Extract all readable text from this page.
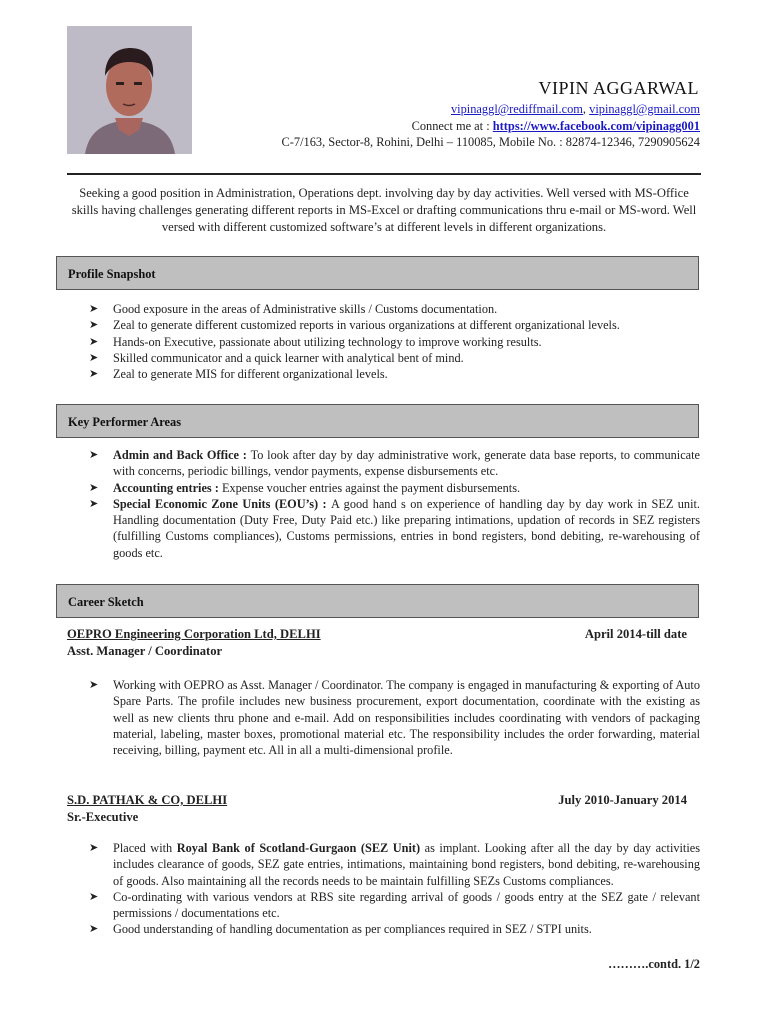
VIPIN AGGARWAL
vipinaggl@rediffmail.com, vipinaggl@gmail.com
Connect me at : https://www.facebook.com/vipinagg001
C-7/163, Sector-8, Rohini, Delhi – 110085, Mobile No. : 82874-12346, 7290905624
Seeking a good position in Administration, Operations dept. involving day by day activities. Well versed with MS-Office skills having challenges generating different reports in MS-Excel or drafting communications thru e-mail or MS-word. Well versed with different customized software’s at different levels in different organizations.
Profile Snapshot
➤ Good exposure in the areas of Administrative skills / Customs documentation.
➤ Zeal to generate different customized reports in various organizations at different organizational levels.
➤ Hands-on Executive, passionate about utilizing technology to improve working results.
➤ Skilled communicator and a quick learner with analytical bent of mind.
➤ Zeal to generate MIS for different organizational levels.
Key Performer Areas
➤ Admin and Back Office : To look after day by day administrative work, generate data base reports, to communicate with concerns, periodic billings, vendor payments, expense disbursements etc.
➤ Accounting entries : Expense voucher entries against the payment disbursements.
➤ Special Economic Zone Units (EOU’s) : A good hand s on experience of handling day by day work in SEZ unit. Handling documentation (Duty Free, Duty Paid etc.) like preparing intimations, updation of records in SEZ registers (fulfilling Customs compliances), Customs permissions, entries in bond registers, bond debiting, re-warehousing of goods etc.
Career Sketch
OEPRO Engineering Corporation Ltd, DELHI	April 2014-till date
Asst. Manager / Coordinator
➤ Working with OEPRO as Asst. Manager / Coordinator. The company is engaged in manufacturing & exporting of Auto Spare Parts. The profile includes new business procurement, export documentation, coordinate with the existing as well as new clients thru phone and e-mail. Add on responsibilities includes coordinating with vendors of packaging material, labeling, master boxes, promotional material etc. The responsibility includes the order forwarding, material receiving, billing, payment etc. All in all a multi-dimensional profile.
S.D. PATHAK & CO, DELHI	July 2010-January 2014
Sr.-Executive
➤ Placed with Royal Bank of Scotland-Gurgaon (SEZ Unit) as implant. Looking after all the day by day activities includes clearance of goods, SEZ gate entries, intimations, maintaining bond registers, bond debiting, re-warehousing of goods. Also maintaining all the records needs to be maintain fulfilling SEZs Customs compliances.
➤ Co-ordinating with various vendors at RBS site regarding arrival of goods / goods entry at the SEZ gate / relevant permissions / documentations etc.
➤ Good understanding of handling documentation as per compliances required in SEZ / STPI units.
……….contd. 1/2
